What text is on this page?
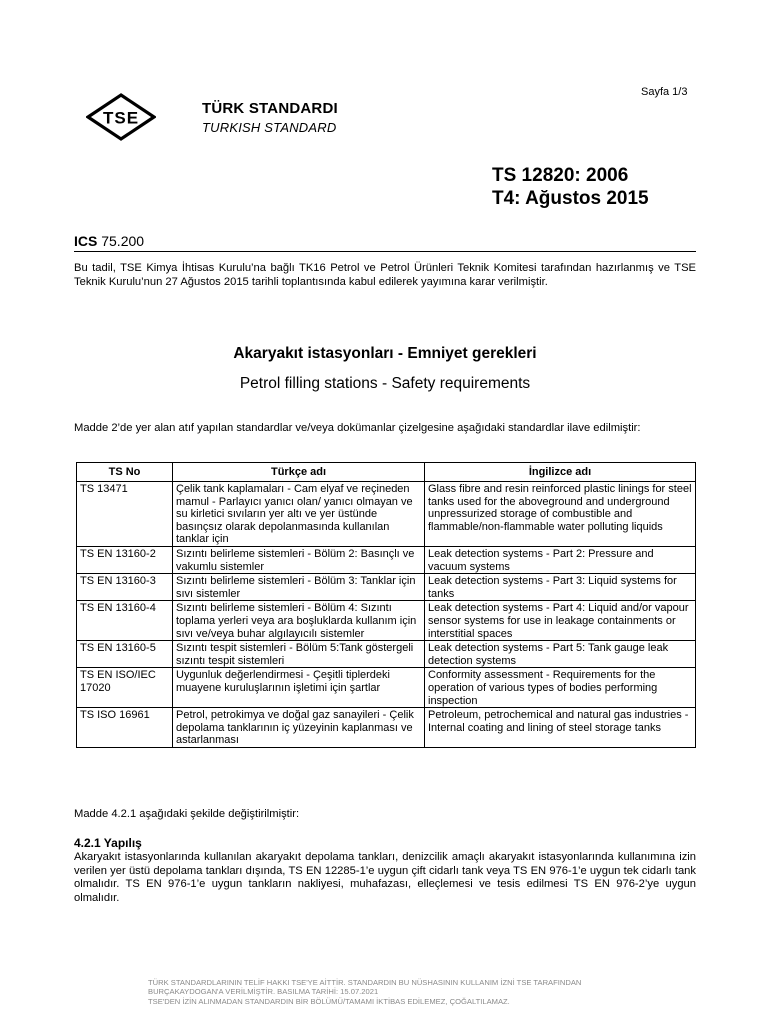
Sayfa 1/3
TSE	TÜRK STANDARDI
TURKISH STANDARD
TS 12820: 2006
T4: Ağustos 2015
ICS 75.200
Bu tadil, TSE Kimya İhtisas Kurulu’na bağlı TK16 Petrol ve Petrol Ürünleri Teknik Komitesi tarafından hazırlanmış ve TSE Teknik Kurulu’nun 27 Ağustos 2015 tarihli toplantısında kabul edilerek yayımına karar verilmiştir.
Akaryakıt istasyonları - Emniyet gerekleri
Petrol filling stations - Safety requirements
Madde 2’de yer alan atıf yapılan standardlar ve/veya dokümanlar çizelgesine aşağıdaki standardlar ilave edilmiştir:
TS No	Türkçe adı	İngilizce adı
TS 13471	Çelik tank kaplamaları - Cam elyaf ve reçineden mamul - Parlayıcı yanıcı olan/ yanıcı olmayan ve su kirletici sıvıların yer altı ve yer üstünde basınçsız olarak depolanmasında kullanılan tanklar için	Glass fibre and resin reinforced plastic linings for steel tanks used for the aboveground and underground unpressurized storage of combustible and flammable/non-flammable water polluting liquids
TS EN 13160-2	Sızıntı belirleme sistemleri - Bölüm 2: Basınçlı ve vakumlu sistemler	Leak detection systems - Part 2: Pressure and vacuum systems
TS EN 13160-3	Sızıntı belirleme sistemleri - Bölüm 3: Tanklar için sıvı sistemler	Leak detection systems - Part 3: Liquid systems for tanks
TS EN 13160-4	Sızıntı belirleme sistemleri - Bölüm 4: Sızıntı toplama yerleri veya ara boşluklarda kullanım için sıvı ve/veya buhar algılayıcılı sistemler	Leak detection systems - Part 4: Liquid and/or vapour sensor systems for use in leakage containments or interstitial spaces
TS EN 13160-5	Sızıntı tespit sistemleri - Bölüm 5:Tank göstergeli sızıntı tespit sistemleri	Leak detection systems - Part 5: Tank gauge leak detection systems
TS EN ISO/IEC 17020	Uygunluk değerlendirmesi - Çeşitli tiplerdeki muayene kuruluşlarının işletimi için şartlar	Conformity assessment - Requirements for the operation of various types of bodies performing inspection
TS ISO 16961	Petrol, petrokimya ve doğal gaz sanayileri - Çelik depolama tanklarının iç yüzeyinin kaplanması ve astarlanması	Petroleum, petrochemical and natural gas industries - Internal coating and lining of steel storage tanks
Madde 4.2.1 aşağıdaki şekilde değiştirilmiştir:
4.2.1 Yapılış
Akaryakıt istasyonlarında kullanılan akaryakıt depolama tankları, denizcilik amaçlı akaryakıt istasyonlarında kullanımına izin verilen yer üstü depolama tankları dışında, TS EN 12285-1’e uygun çift cidarlı tank veya TS EN 976-1’e uygun tek cidarlı tank olmalıdır. TS EN 976-1’e uygun tankların nakliyesi, muhafazası, elleçlemesi ve tesis edilmesi TS EN 976-2’ye uygun olmalıdır.
TÜRK STANDARDLARININ TELİF HAKKI TSE'YE AİTTİR. STANDARDIN BU NÜSHASININ KULLANIM İZNİ TSE TARAFINDAN
BURÇAKAYDOGAN'A VERİLMİŞTİR. BASILMA TARİHİ: 15.07.2021
TSE'DEN İZİN ALINMADAN STANDARDIN BİR BÖLÜMÜ/TAMAMI İKTİBAS EDİLEMEZ, ÇOĞALTILAMAZ.
